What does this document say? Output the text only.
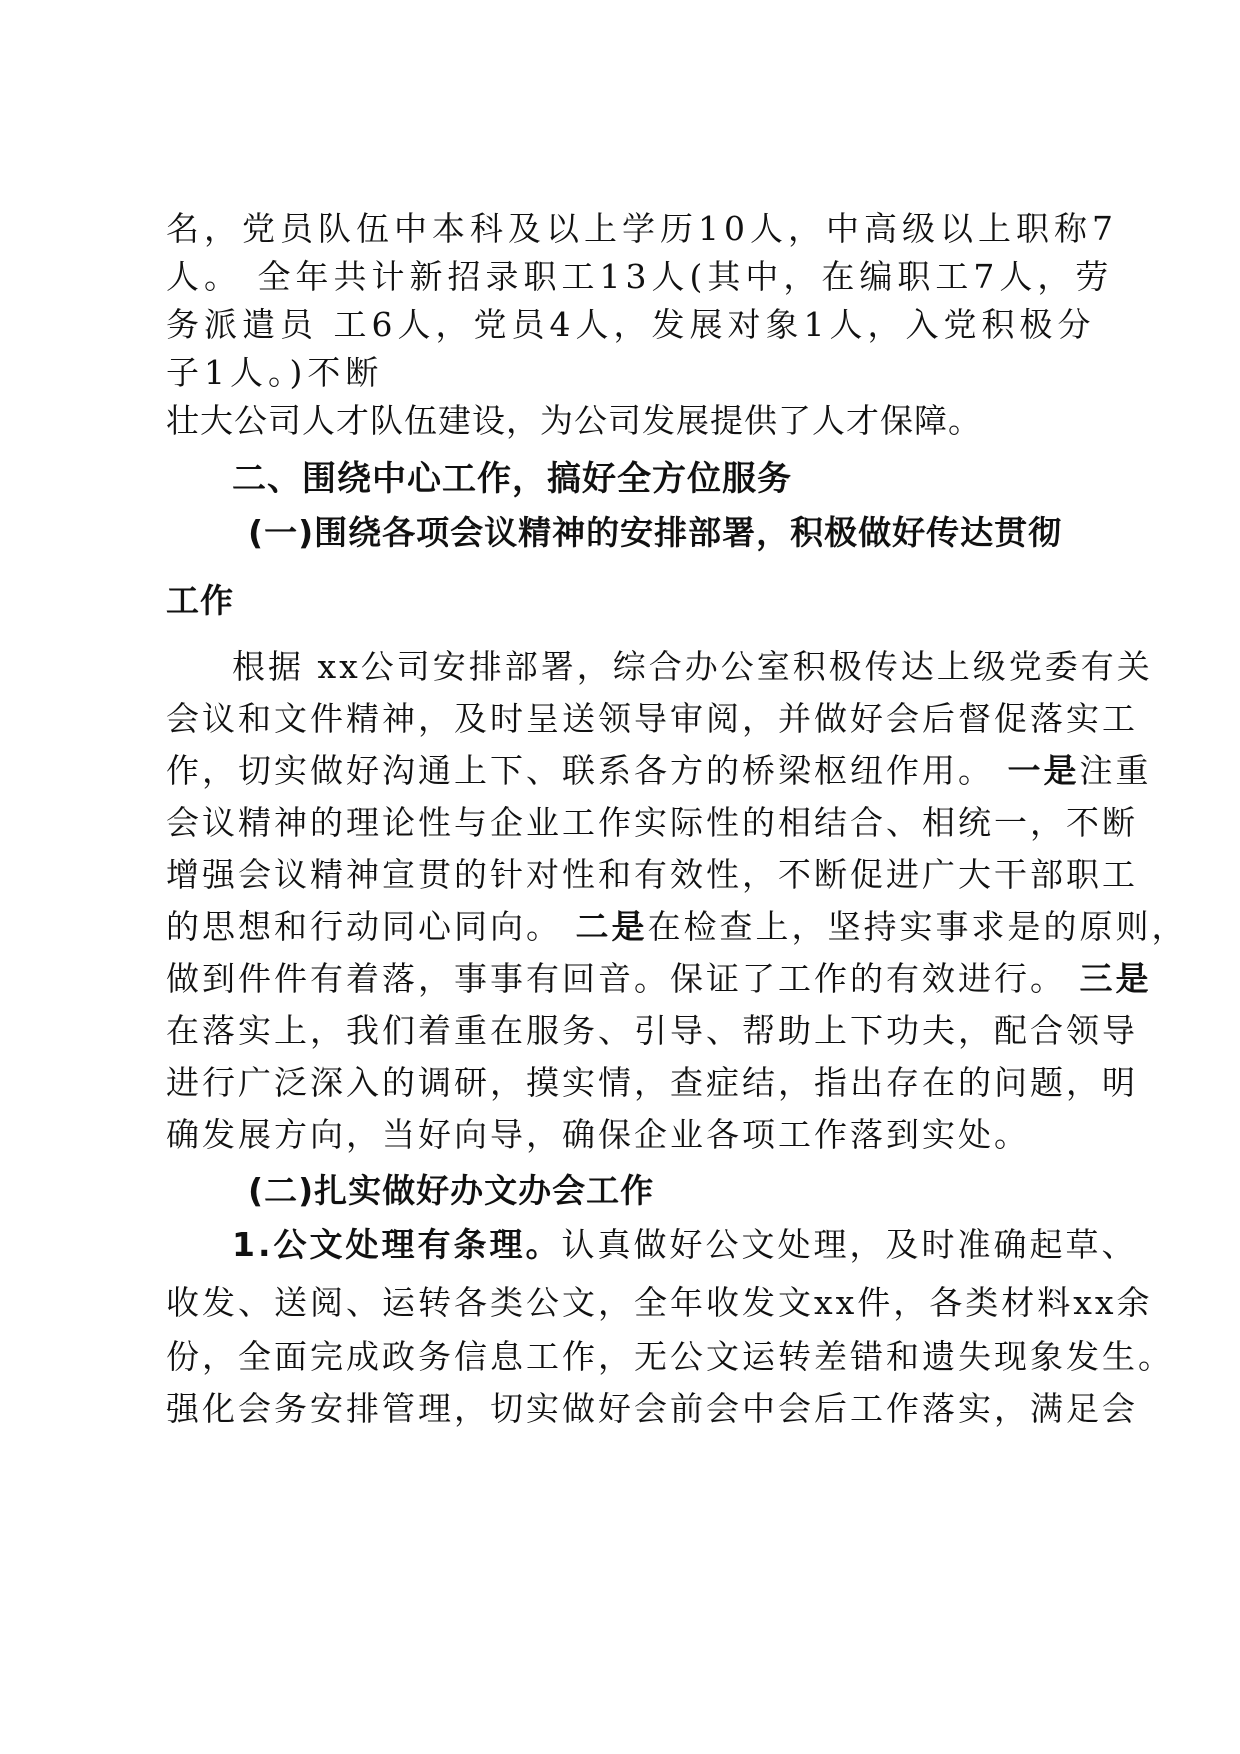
名，党员队伍中本科及以上学历10人，中高级以上职称7
人。 全年共计新招录职工13人(其中，在编职工7人，劳
务派遣员 工6人，党员4人，发展对象1人，入党积极分
子1人。)不断
壮大公司人才队伍建设，为公司发展提供了人才保障。
二、围绕中心工作，搞好全方位服务
(一)围绕各项会议精神的安排部署，积极做好传达贯彻
工作
根据 xx公司安排部署，综合办公室积极传达上级党委有关
会议和文件精神，及时呈送领导审阅，并做好会后督促落实工
作，切实做好沟通上下、联系各方的桥梁枢纽作用。 一是注重
会议精神的理论性与企业工作实际性的相结合、相统一，不断
增强会议精神宣贯的针对性和有效性，不断促进广大干部职工
的思想和行动同心同向。 二是在检查上，坚持实事求是的原则，
做到件件有着落，事事有回音。保证了工作的有效进行。 三是
在落实上，我们着重在服务、引导、帮助上下功夫，配合领导
进行广泛深入的调研，摸实情，查症结，指出存在的问题，明
确发展方向，当好向导，确保企业各项工作落到实处。
(二)扎实做好办文办会工作
1.公文处理有条理。认真做好公文处理，及时准确起草、
收发、送阅、运转各类公文，全年收发文xx件，各类材料xx余
份，全面完成政务信息工作，无公文运转差错和遗失现象发生。
强化会务安排管理，切实做好会前会中会后工作落实，满足会
